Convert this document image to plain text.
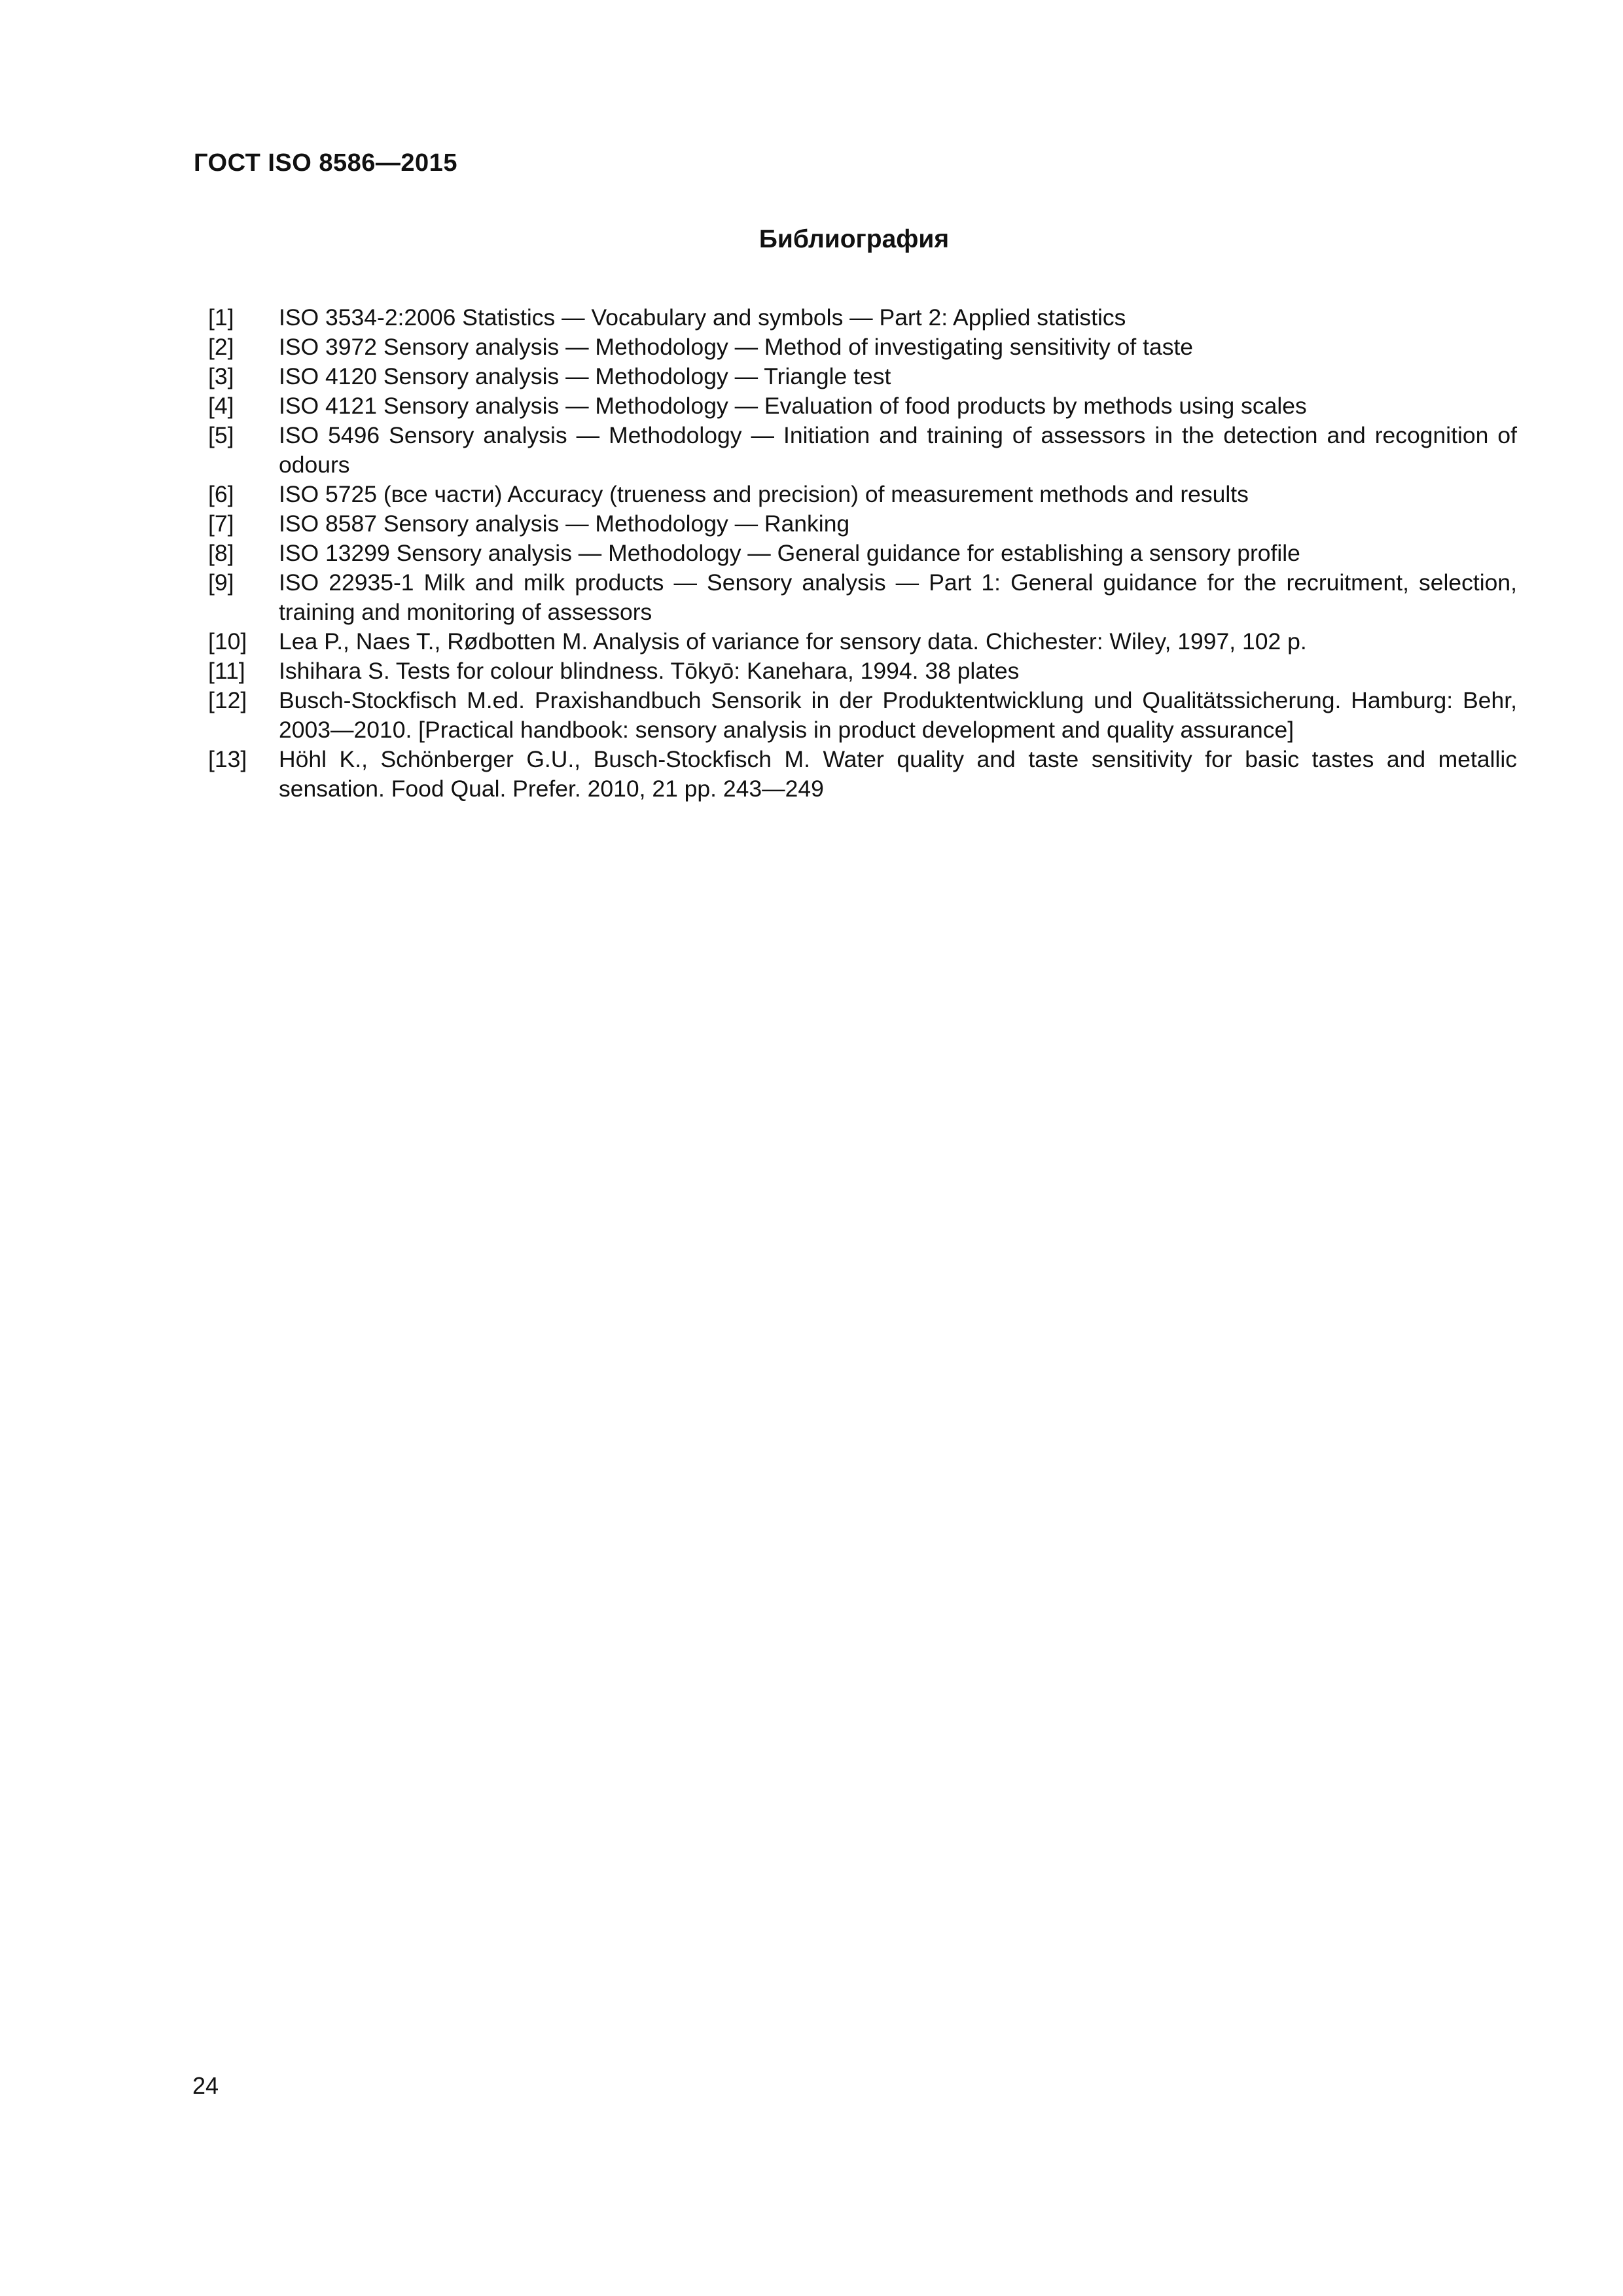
ГОСТ ISO 8586—2015
Библиография
[1]	ISO 3534-2:2006 Statistics — Vocabulary and symbols — Part 2: Applied statistics
[2]	ISO 3972 Sensory analysis — Methodology — Method of investigating sensitivity of taste
[3]	ISO 4120 Sensory analysis — Methodology — Triangle test
[4]	ISO 4121 Sensory analysis — Methodology — Evaluation of food products by methods using scales
[5]	ISO 5496 Sensory analysis — Methodology — Initiation and training of assessors in the detection and recognition of odours
[6]	ISO 5725 (все части) Accuracy (trueness and precision) of measurement methods and results
[7]	ISO 8587 Sensory analysis — Methodology — Ranking
[8]	ISO 13299 Sensory analysis — Methodology — General guidance for establishing a sensory profile
[9]	ISO 22935-1 Milk and milk products — Sensory analysis — Part 1: General guidance for the recruitment, selection, training and monitoring of assessors
[10]	Lea P., Naes T., Rødbotten M. Analysis of variance for sensory data. Chichester: Wiley, 1997, 102 p.
[11]	Ishihara S. Tests for colour blindness. Tōkyō: Kanehara, 1994. 38 plates
[12]	Busch-Stockfisch M.ed. Praxishandbuch Sensorik in der Produktentwicklung und Qualitätssicherung. Hamburg: Behr, 2003—2010. [Practical handbook: sensory analysis in product development and quality assurance]
[13]	Höhl K., Schönberger G.U., Busch-Stockfisch M. Water quality and taste sensitivity for basic tastes and metallic sensation. Food Qual. Prefer. 2010, 21 pp. 243—249
24
